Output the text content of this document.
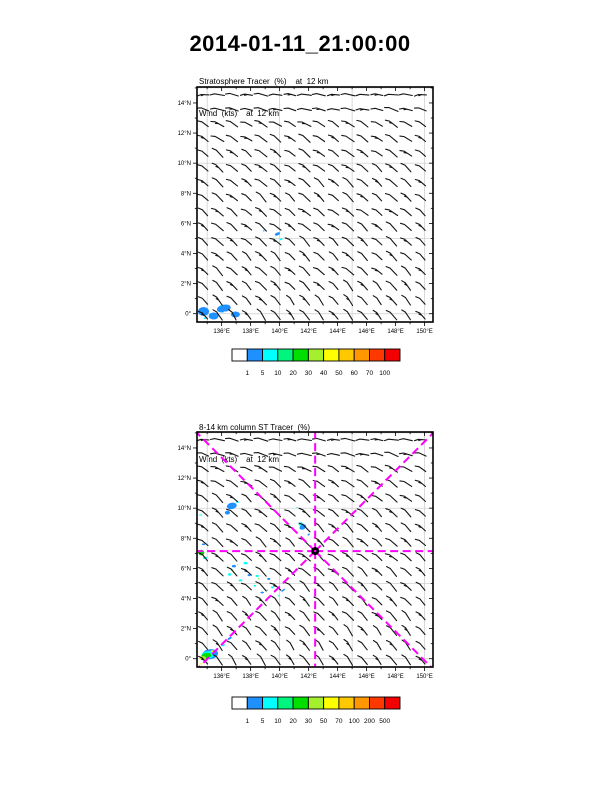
2014-01-11_21:00:00

Stratosphere Tracer  (%)    at  12 km

Wind  (kts)    at  12 km

0°
2°N
4°N
6°N
8°N
10°N
12°N
14°N
136°E 138°E 140°E 142°E 144°E 146°E 148°E 150°E
1 5 10 20 30 40 50 60 70 100

8-14 km column ST Tracer  (%)

Wind  (kts)    at  12 km

0°
2°N
4°N
6°N
8°N
10°N
12°N
14°N
136°E 138°E 140°E 142°E 144°E 146°E 148°E 150°E
1 5 10 20 30 50 70 100 200 500
